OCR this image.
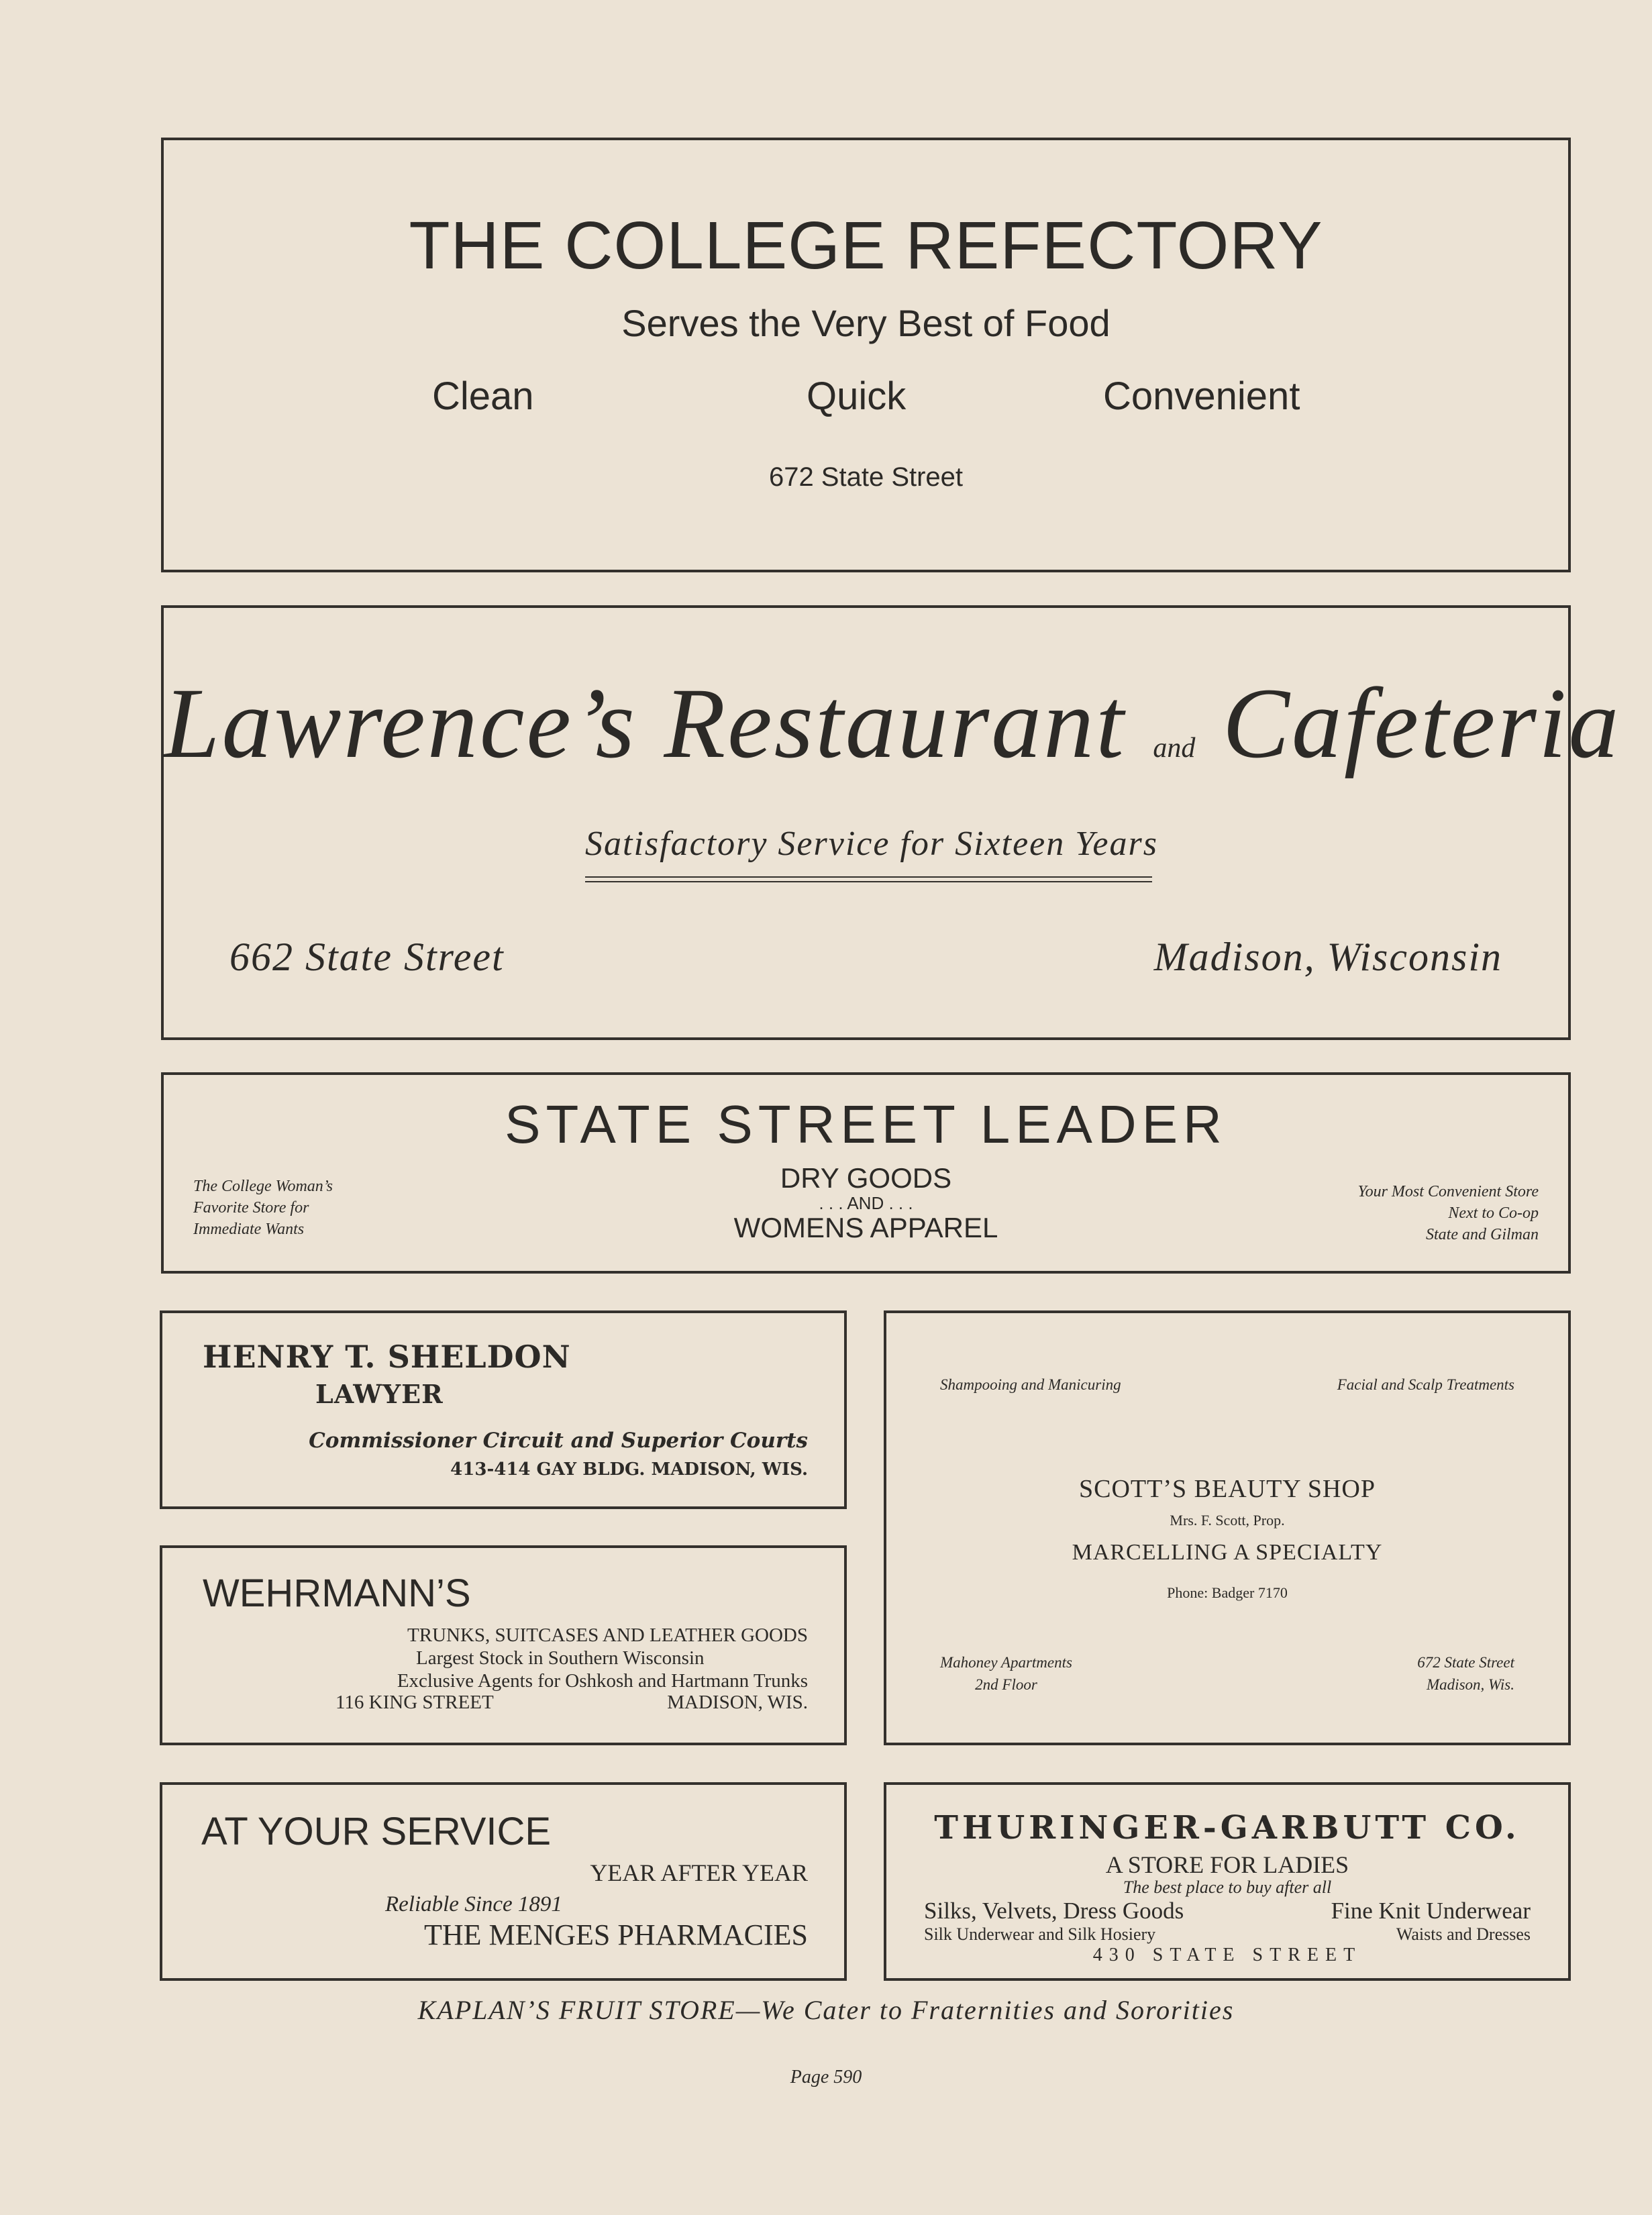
THE COLLEGE REFECTORY
Serves the Very Best of Food
Clean	Quick	Convenient
672 State Street
Lawrence’s Restaurant and Cafeteria
Satisfactory Service for Sixteen Years
662 State Street	Madison, Wisconsin
STATE STREET LEADER
DRY GOODS
. . . AND . . .
WOMENS APPAREL
The College Woman’s
Favorite Store for
Immediate Wants
Your Most Convenient Store
Next to Co-op
State and Gilman
HENRY T. SHELDON
LAWYER
Commissioner Circuit and Superior Courts
413-414 GAY BLDG. MADISON, WIS.
WEHRMANN’S
TRUNKS, SUITCASES AND LEATHER GOODS
Largest Stock in Southern Wisconsin
Exclusive Agents for Oshkosh and Hartmann Trunks
116 KING STREET	MADISON, WIS.
Shampooing and Manicuring	Facial and Scalp Treatments
SCOTT’S BEAUTY SHOP
Mrs. F. Scott, Prop.
MARCELLING A SPECIALTY
Phone: Badger 7170
Mahoney Apartments
2nd Floor
672 State Street
Madison, Wis.
AT YOUR SERVICE
YEAR AFTER YEAR
Reliable Since 1891
THE MENGES PHARMACIES
THURINGER-GARBUTT CO.
A STORE FOR LADIES
The best place to buy after all
Silks, Velvets, Dress Goods	Fine Knit Underwear
Silk Underwear and Silk Hosiery	Waists and Dresses
430 STATE STREET
KAPLAN’S FRUIT STORE—We Cater to Fraternities and Sororities
Page 590
